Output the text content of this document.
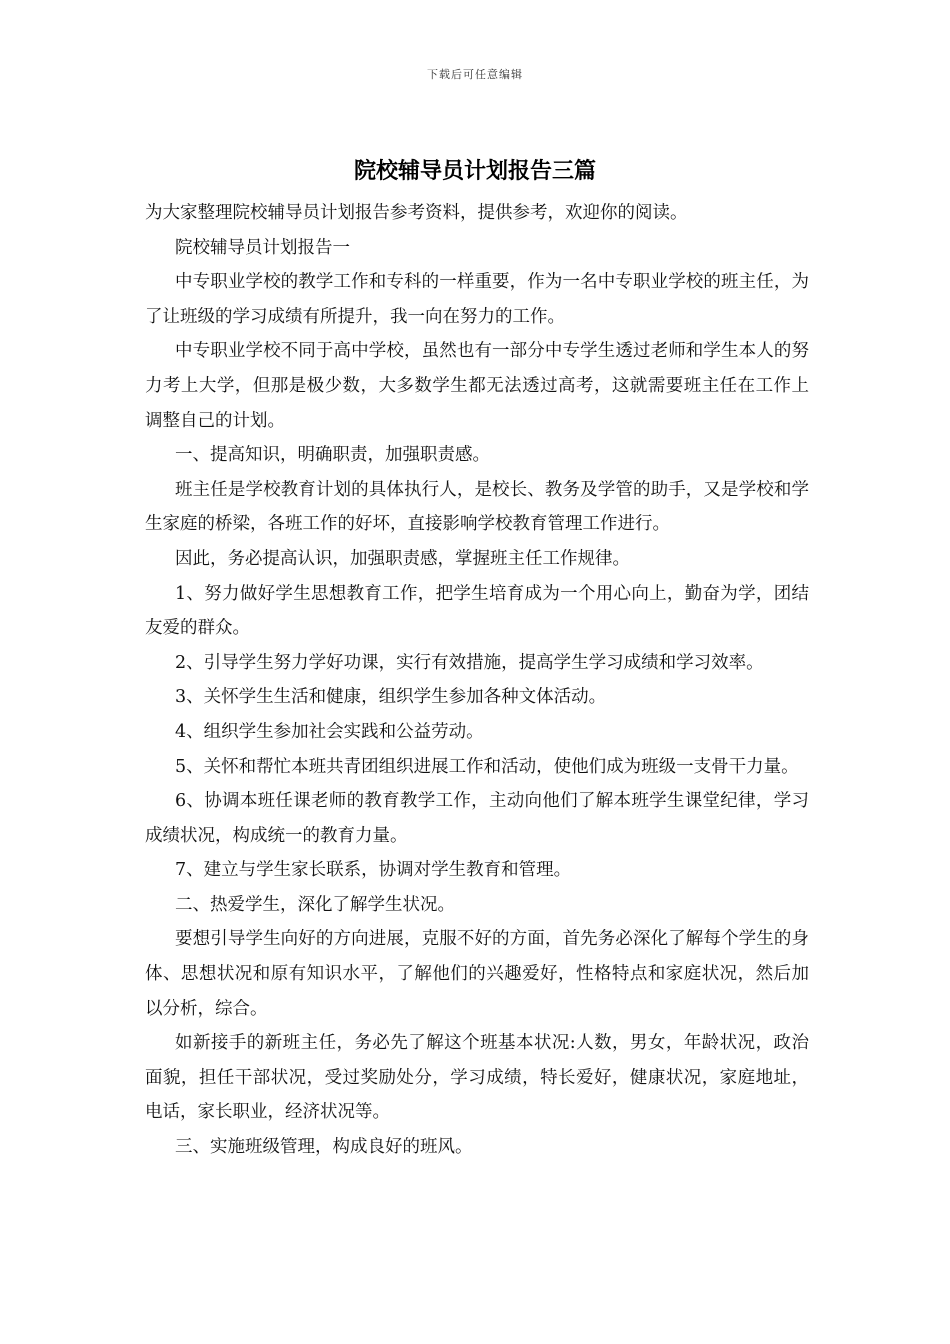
下载后可任意编辑
院校辅导员计划报告三篇

为大家整理院校辅导员计划报告参考资料，提供参考，欢迎你的阅读。

院校辅导员计划报告一

中专职业学校的教学工作和专科的一样重要，作为一名中专职业学校的班主任，为了让班级的学习成绩有所提升，我一向在努力的工作。

中专职业学校不同于高中学校，虽然也有一部分中专学生透过老师和学生本人的努力考上大学，但那是极少数，大多数学生都无法透过高考，这就需要班主任在工作上调整自己的计划。

一、提高知识，明确职责，加强职责感。

班主任是学校教育计划的具体执行人，是校长、教务及学管的助手，又是学校和学生家庭的桥梁，各班工作的好坏，直接影响学校教育管理工作进行。

因此，务必提高认识，加强职责感，掌握班主任工作规律。

1、努力做好学生思想教育工作，把学生培育成为一个用心向上，勤奋为学，团结友爱的群众。

2、引导学生努力学好功课，实行有效措施，提高学生学习成绩和学习效率。

3、关怀学生生活和健康，组织学生参加各种文体活动。

4、组织学生参加社会实践和公益劳动。

5、关怀和帮忙本班共青团组织进展工作和活动，使他们成为班级一支骨干力量。

6、协调本班任课老师的教育教学工作，主动向他们了解本班学生课堂纪律，学习成绩状况，构成统一的教育力量。

7、建立与学生家长联系，协调对学生教育和管理。

二、热爱学生，深化了解学生状况。

要想引导学生向好的方向进展，克服不好的方面，首先务必深化了解每个学生的身体、思想状况和原有知识水平，了解他们的兴趣爱好，性格特点和家庭状况，然后加以分析，综合。

如新接手的新班主任，务必先了解这个班基本状况:人数，男女，年龄状况，政治面貌，担任干部状况，受过奖励处分，学习成绩，特长爱好，健康状况，家庭地址，电话，家长职业，经济状况等。

三、实施班级管理，构成良好的班风。
